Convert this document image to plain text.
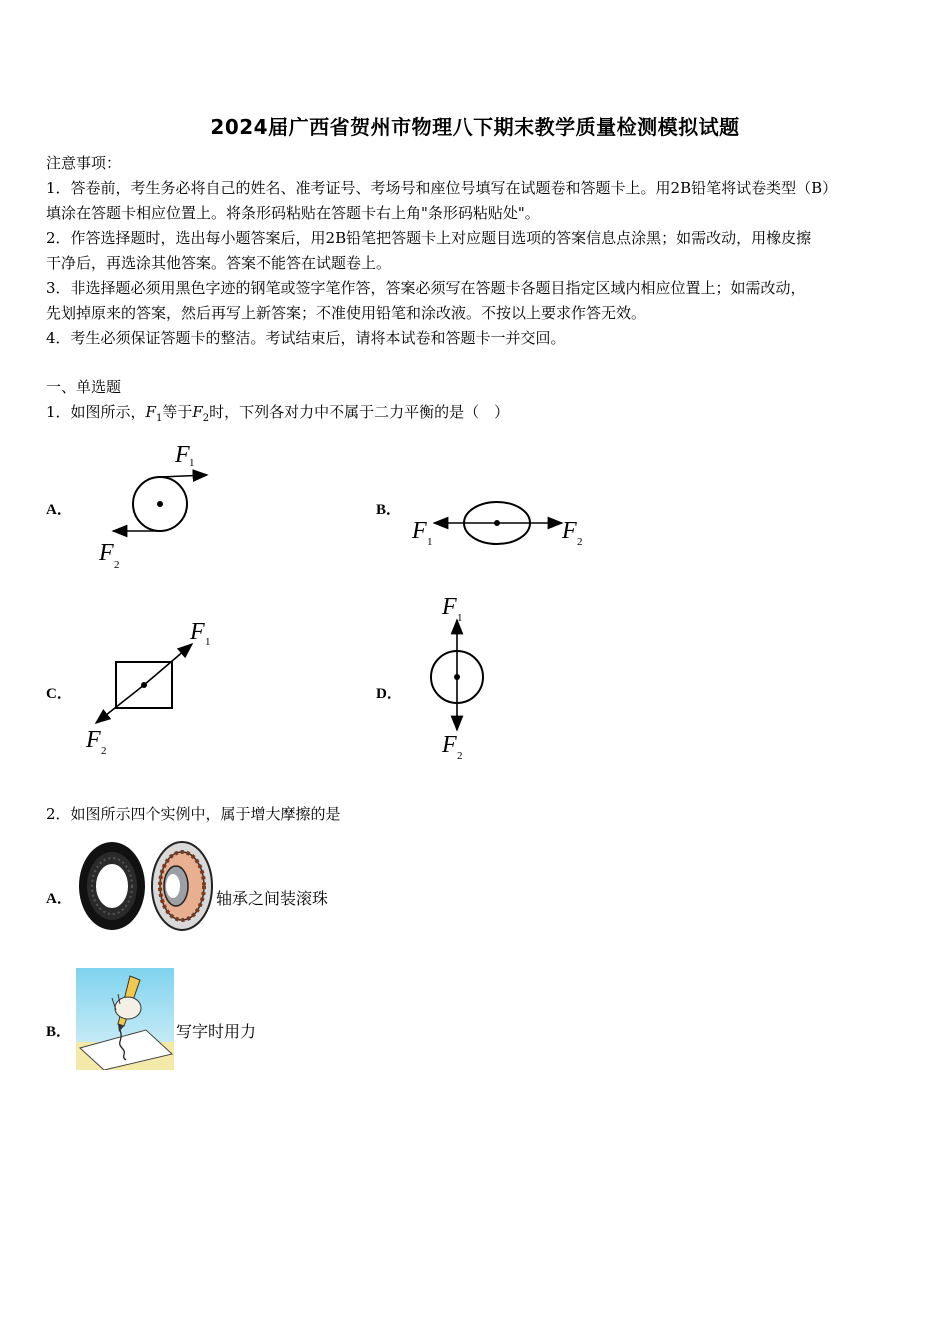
2024届广西省贺州市物理八下期末教学质量检测模拟试题
注意事项：
1．答卷前，考生务必将自己的姓名、准考证号、考场号和座位号填写在试题卷和答题卡上。用2B铅笔将试卷类型（B）
填涂在答题卡相应位置上。将条形码粘贴在答题卡右上角"条形码粘贴处"。
2．作答选择题时，选出每小题答案后，用2B铅笔把答题卡上对应题目选项的答案信息点涂黑；如需改动，用橡皮擦
干净后，再选涂其他答案。答案不能答在试题卷上。
3．非选择题必须用黑色字迹的钢笔或签字笔作答，答案必须写在答题卡各题目指定区域内相应位置上；如需改动，
先划掉原来的答案，然后再写上新答案；不准使用铅笔和涂改液。不按以上要求作答无效。
4．考生必须保证答题卡的整洁。考试结束后，请将本试卷和答题卡一并交回。
一、单选题
1．如图所示，$F_1$等于$F_2$时，下列各对力中不属于二力平衡的是（　）
A．
F 1
F 2
B．
F 1	F 2
C．
F 1
F 2
D．
F 1
F 2
2．如图所示四个实例中，属于增大摩擦的是
A．	轴承之间装滚珠
B．	写字时用力
